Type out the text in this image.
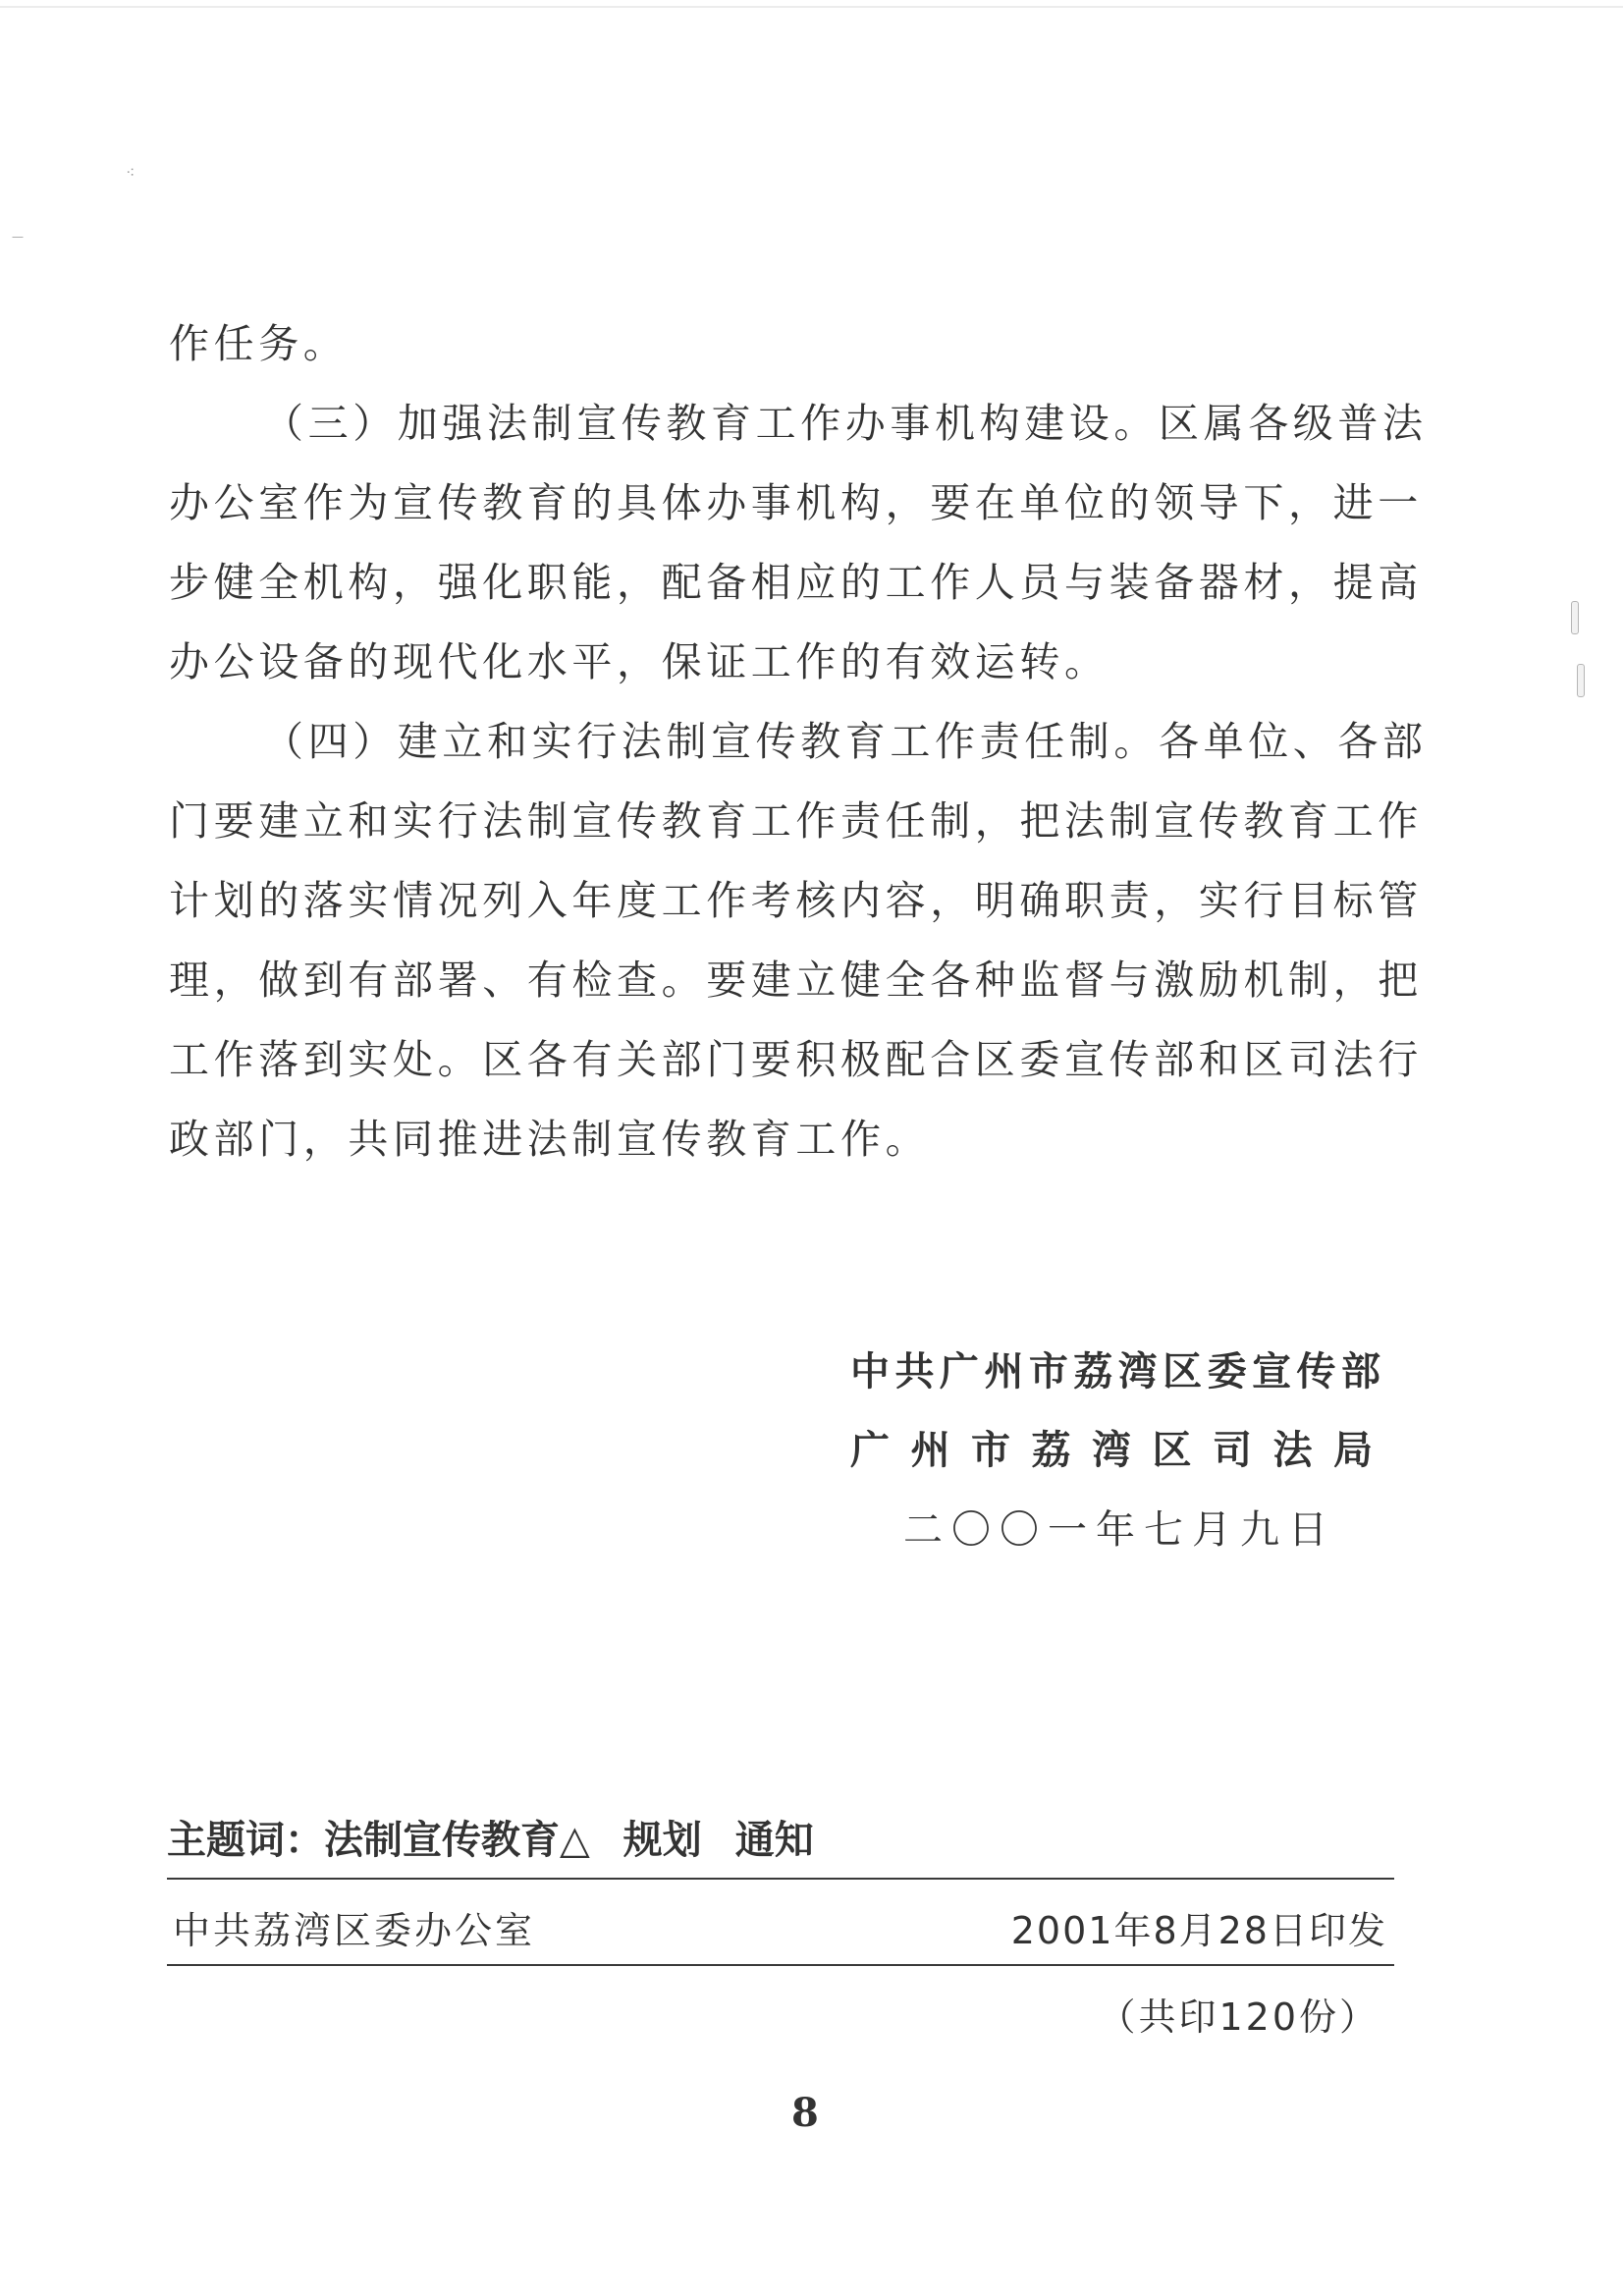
⁖
—
作任务。
（三）加强法制宣传教育工作办事机构建设。区属各级普法
办公室作为宣传教育的具体办事机构，要在单位的领导下，进一
步健全机构，强化职能，配备相应的工作人员与装备器材，提高
办公设备的现代化水平，保证工作的有效运转。
（四）建立和实行法制宣传教育工作责任制。各单位、各部
门要建立和实行法制宣传教育工作责任制，把法制宣传教育工作
计划的落实情况列入年度工作考核内容，明确职责，实行目标管
理，做到有部署、有检查。要建立健全各种监督与激励机制，把
工作落到实处。区各有关部门要积极配合区委宣传部和区司法行
政部门，共同推进法制宣传教育工作。
中共广州市荔湾区委宣传部
广州市荔湾区司法局
二〇〇一年七月九日
主题词：法制宣传教育△ 规划 通知
中共荔湾区委办公室	2001年8月28日印发
（共印120份）
8
